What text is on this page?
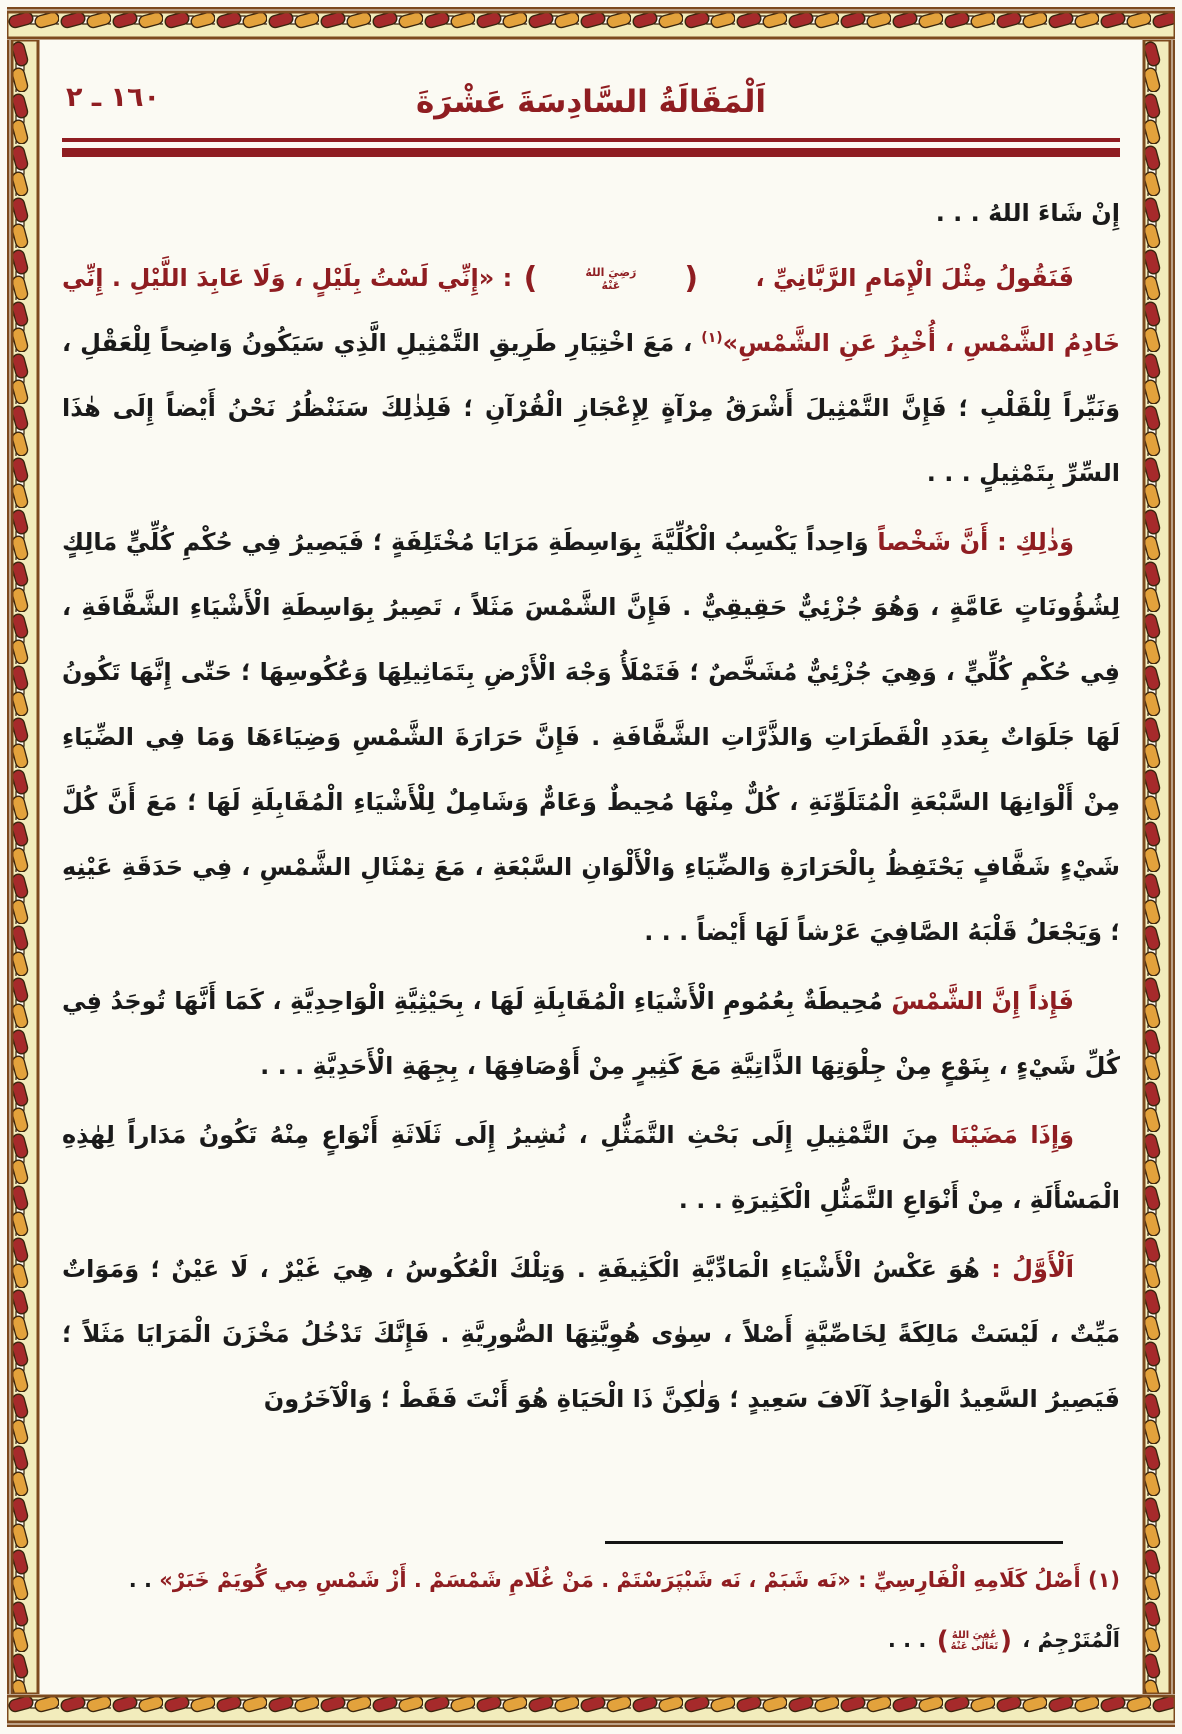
١٦٠ ـ ٢	اَلْمَقَالَةُ السَّادِسَةَ عَشْرَةَ

إِنْ شَاءَ اللهُ . . .

فَنَقُولُ مِثْلَ الْإِمَامِ الرَّبَّانِيِّ ،
(
رَضِيَ اللهُ
عَنْهُ
)
: «إِنِّي لَسْتُ بِلَيْلٍ ، وَلَا عَابِدَ اللَّيْلِ . إِنِّي خَادِمُ الشَّمْسِ ، أُخْبِرُ عَنِ الشَّمْسِ»$^{(١)}$ ، مَعَ اخْتِيَارِ طَرِيقِ التَّمْثِيلِ الَّذِي سَيَكُونُ وَاضِحاً لِلْعَقْلِ ، وَنَيِّراً لِلْقَلْبِ ؛ فَإِنَّ التَّمْثِيلَ أَشْرَقُ مِرْآةٍ لِإِعْجَازِ الْقُرْآنِ ؛ فَلِذٰلِكَ سَنَنْظُرُ نَحْنُ أَيْضاً إِلَى هٰذَا السِّرِّ بِتَمْثِيلٍ . . .

وَذٰلِكِ : أَنَّ شَخْصاً وَاحِداً يَكْسِبُ الْكُلِّيَّةَ بِوَاسِطَةِ مَرَايَا مُخْتَلِفَةٍ ؛ فَيَصِيرُ فِي حُكْمِ كُلِّيٍّ مَالِكٍ لِشُؤُونَاتٍ عَامَّةٍ ، وَهُوَ جُزْئِيٌّ حَقِيقِيٌّ . فَإِنَّ الشَّمْسَ مَثَلاً ، تَصِيرُ بِوَاسِطَةِ الْأَشْيَاءِ الشَّفَّافَةِ ، فِي حُكْمِ كُلِّيٍّ ، وَهِيَ جُزْئِيٌّ مُشَخَّصٌ ؛ فَتَمْلَأُ وَجْهَ الْأَرْضِ بِتَمَاثِيلِهَا وَعُكُوسِهَا ؛ حَتّٰى إِنَّهَا تَكُونُ لَهَا جَلَوَاتٌ بِعَدَدِ الْقَطَرَاتِ وَالذَّرَّاتِ الشَّفَّافَةِ . فَإِنَّ حَرَارَةَ الشَّمْسِ وَضِيَاءَهَا وَمَا فِي الضِّيَاءِ مِنْ أَلْوَانِهَا السَّبْعَةِ الْمُتَلَوِّنَةِ ، كُلٌّ مِنْهَا مُحِيطٌ وَعَامٌّ وَشَامِلٌ لِلْأَشْيَاءِ الْمُقَابِلَةِ لَهَا ؛ مَعَ أَنَّ كُلَّ شَيْءٍ شَفَّافٍ يَحْتَفِظُ بِالْحَرَارَةِ وَالضِّيَاءِ وَالْأَلْوَانِ السَّبْعَةِ ، مَعَ تِمْثَالِ الشَّمْسِ ، فِي حَدَقَةِ عَيْنِهِ ؛ وَيَجْعَلُ قَلْبَهُ الصَّافِيَ عَرْشاً لَهَا أَيْضاً . . .

فَإِذاً إِنَّ الشَّمْسَ مُحِيطَةٌ بِعُمُومِ الْأَشْيَاءِ الْمُقَابِلَةِ لَهَا ، بِحَيْثِيَّةِ الْوَاحِدِيَّةِ ، كَمَا أَنَّهَا تُوجَدُ فِي كُلِّ شَيْءٍ ، بِنَوْعٍ مِنْ جِلْوَتِهَا الذَّاتِيَّةِ مَعَ كَثِيرٍ مِنْ أَوْصَافِهَا ، بِجِهَةِ الْأَحَدِيَّةِ . . .

وَإِذَا مَضَيْنَا مِنَ التَّمْثِيلِ إِلَى بَحْثِ التَّمَثُّلِ ، نُشِيرُ إِلَى ثَلَاثَةِ أَنْوَاعٍ مِنْهُ تَكُونُ مَدَاراً لِهٰذِهِ الْمَسْأَلَةِ ، مِنْ أَنْوَاعِ التَّمَثُّلِ الْكَثِيرَةِ . . .

اَلْأَوَّلُ : هُوَ عَكْسُ الْأَشْيَاءِ الْمَادِّيَّةِ الْكَثِيفَةِ . وَتِلْكَ الْعُكُوسُ ، هِيَ غَيْرٌ ، لَا عَيْنٌ ؛ وَمَوَاتٌ مَيِّتٌ ، لَيْسَتْ مَالِكَةً لِخَاصِّيَّةٍ أَصْلاً ، سِوٰى هُوِيَّتِهَا الصُّورِيَّةِ . فَإِنَّكَ تَدْخُلُ مَخْزَنَ الْمَرَايَا مَثَلاً ؛ فَيَصِيرُ السَّعِيدُ الْوَاحِدُ آلَافَ سَعِيدٍ ؛ وَلٰكِنَّ ذَا الْحَيَاةِ هُوَ أَنْتَ فَقَطْ ؛ وَالْآخَرُونَ

(١) أَصْلُ كَلَامِهِ الْفَارِسِيِّ : «نَه شَبَمْ ، نَه شَبْپَرَسْتَمْ . مَنْ غُلَامِ شَمْسَمْ . أَزْ شَمْسِ مِي گُويَمْ خَبَرْ» . .

اَلْمُتَرْجِمُ ،
(
عُفِيَ اللهُ
تَعَالٰى عَنْهُ
)
. . .
